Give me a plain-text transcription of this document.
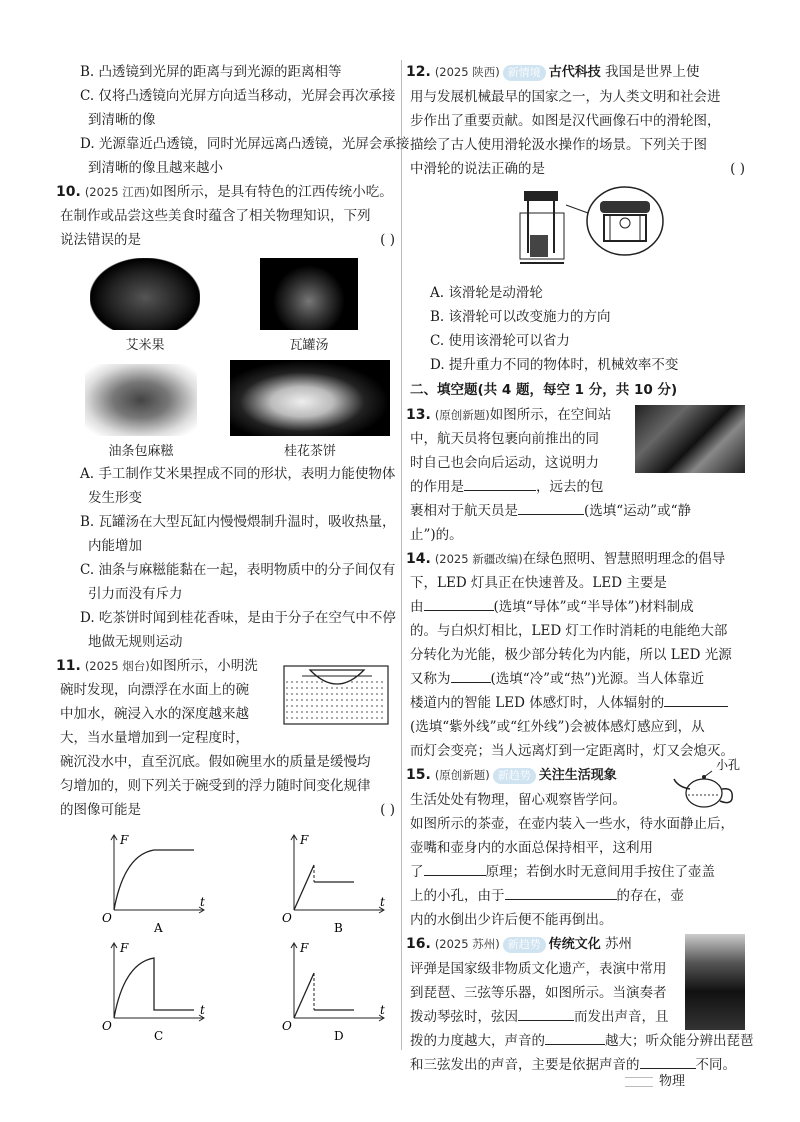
B. 凸透镜到光屏的距离与到光源的距离相等
C. 仅将凸透镜向光屏方向适当移动，光屏会再次承接
到清晰的像
D. 光源靠近凸透镜，同时光屏远离凸透镜，光屏会承接
到清晰的像且越来越小
10. (2025 江西)如图所示，是具有特色的江西传统小吃。
在制作或品尝这些美食时蕴含了相关物理知识，下列
说法错误的是	( )
艾米果	瓦罐汤
油条包麻糍	桂花茶饼
A. 手工制作艾米果捏成不同的形状，表明力能使物体
发生形变
B. 瓦罐汤在大型瓦缸内慢慢煨制升温时，吸收热量，
内能增加
C. 油条与麻糍能黏在一起，表明物质中的分子间仅有
引力而没有斥力
D. 吃茶饼时闻到桂花香味，是由于分子在空气中不停
地做无规则运动
11. (2025 烟台)如图所示，小明洗
碗时发现，向漂浮在水面上的碗
中加水，碗浸入水的深度越来越
大，当水量增加到一定程度时，
碗沉没水中，直至沉底。假如碗里水的质量是缓慢均
匀增加的，则下列关于碗受到的浮力随时间变化规律
的图像可能是	( )
F
t
O
A
F
t
O
B
F
t
O
C
F
t
O
D
12. (2025 陕西) 新情境 古代科技 我国是世界上使
用与发展机械最早的国家之一，为人类文明和社会进
步作出了重要贡献。如图是汉代画像石中的滑轮图，
描绘了古人使用滑轮汲水操作的场景。下列关于图
中滑轮的说法正确的是	( )
A. 该滑轮是动滑轮
B. 该滑轮可以改变施力的方向
C. 使用该滑轮可以省力
D. 提升重力不同的物体时，机械效率不变
二、填空题(共 4 题，每空 1 分，共 10 分)
13. (原创新题)如图所示，在空间站
中，航天员将包裹向前推出的同
时自己也会向后运动，这说明力
的作用是	，远去的包
裹相对于航天员是	(选填“运动”或“静
止”)的。
14. (2025 新疆改编)在绿色照明、智慧照明理念的倡导
下，LED 灯具正在快速普及。LED 主要是
由	(选填“导体”或“半导体”)材料制成
的。与白炽灯相比，LED 灯工作时消耗的电能绝大部
分转化为光能，极少部分转化为内能，所以 LED 光源
又称为	(选填“冷”或“热”)光源。当人体靠近
楼道内的智能 LED 体感灯时，人体辐射的
(选填“紫外线”或“红外线”)会被体感灯感应到，从
而灯会变亮；当人远离灯到一定距离时，灯又会熄灭。
15. (原创新题) 新趋势 关注生活现象
生活处处有物理，留心观察皆学问。
如图所示的茶壶，在壶内装入一些水，待水面静止后，
壶嘴和壶身内的水面总保持相平，这利用
了	原理；若倒水时无意间用手按住了壶盖
上的小孔，由于	的存在，壶
内的水倒出少许后便不能再倒出。
小孔
16. (2025 苏州) 新趋势 传统文化 苏州
评弹是国家级非物质文化遗产，表演中常用
到琵琶、三弦等乐器，如图所示。当演奏者
拨动琴弦时，弦因	而发出声音，且
拨的力度越大，声音的	越大；听众能分辨出琵琶
和三弦发出的声音，主要是依据声音的	不同。
物理
